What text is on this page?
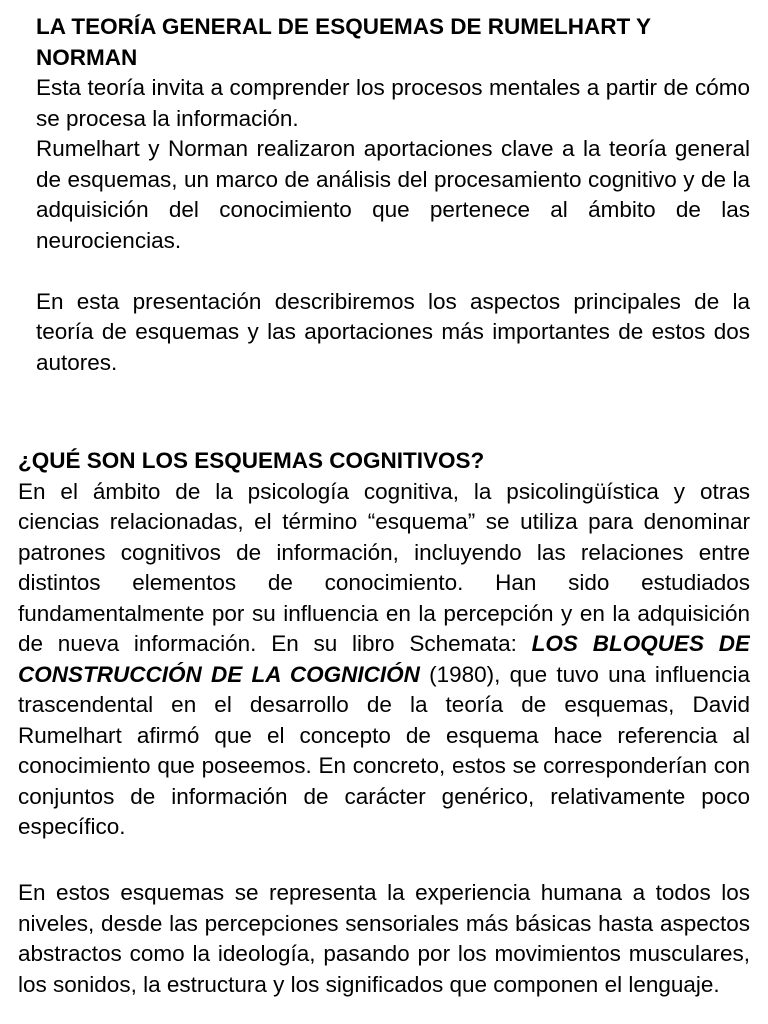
LA TEORÍA GENERAL DE ESQUEMAS DE RUMELHART Y NORMAN

Esta teoría invita a comprender los procesos mentales a partir de cómo se procesa la información.

Rumelhart y Norman realizaron aportaciones clave a la teoría general de esquemas, un marco de análisis del procesamiento cognitivo y de la adquisición del conocimiento que pertenece al ámbito de las neurociencias.

En esta presentación describiremos los aspectos principales de la teoría de esquemas y las aportaciones más importantes de estos dos autores.

¿QUÉ SON LOS ESQUEMAS COGNITIVOS?

En el ámbito de la psicología cognitiva, la psicolingüística y otras ciencias relacionadas, el término “esquema” se utiliza para denominar patrones cognitivos de información, incluyendo las relaciones entre distintos elementos de conocimiento. Han sido estudiados fundamentalmente por su influencia en la percepción y en la adquisición de nueva información. En su libro Schemata: LOS BLOQUES DE CONSTRUCCIÓN DE LA COGNICIÓN (1980), que tuvo una influencia trascendental en el desarrollo de la teoría de esquemas, David Rumelhart afirmó que el concepto de esquema hace referencia al conocimiento que poseemos. En concreto, estos se corresponderían con conjuntos de información de carácter genérico, relativamente poco específico.

En estos esquemas se representa la experiencia humana a todos los niveles, desde las percepciones sensoriales más básicas hasta aspectos abstractos como la ideología, pasando por los movimientos musculares, los sonidos, la estructura y los significados que componen el lenguaje.
